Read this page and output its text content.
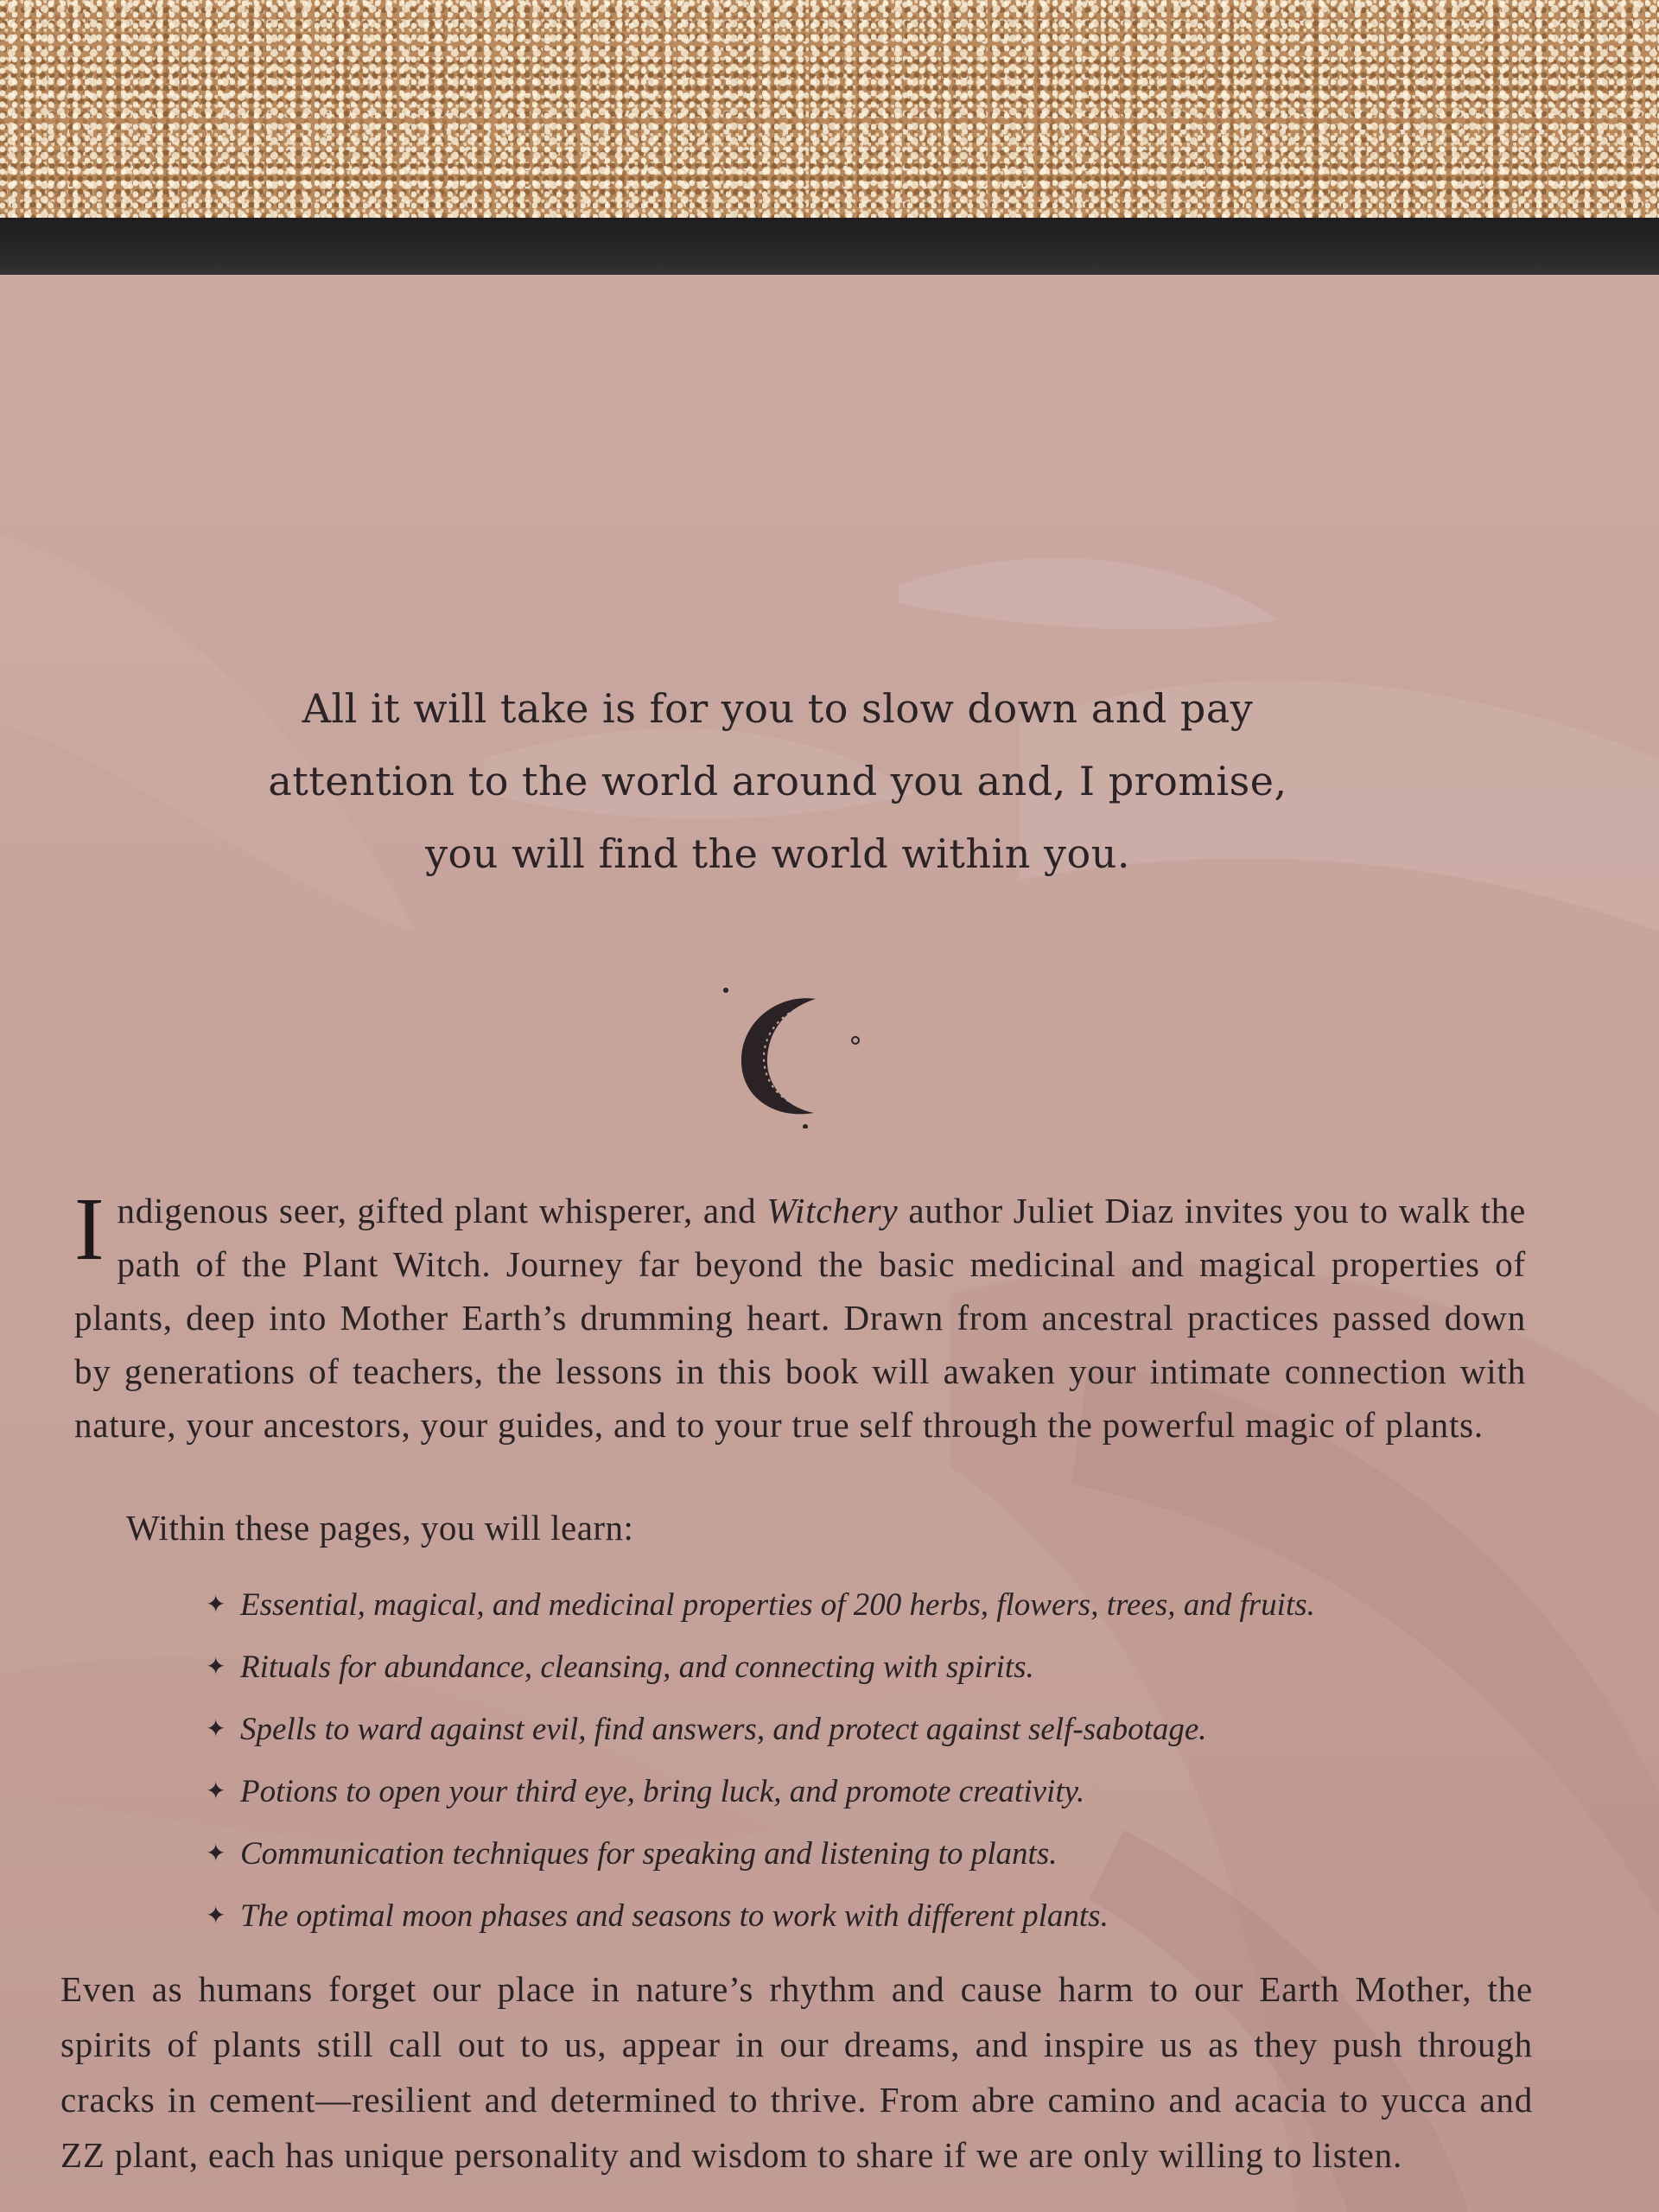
All it will take is for you to slow down and pay
attention to the world around you and, I promise,
you will find the world within you.

Indigenous seer, gifted plant whisperer, and Witchery author Juliet Diaz invites you to walk the path of the Plant Witch. Journey far beyond the basic medicinal and magical properties of plants, deep into Mother Earth’s drumming heart. Drawn from ancestral practices passed down by generations of teachers, the lessons in this book will awaken your intimate connection with nature, your ancestors, your guides, and to your true self through the powerful magic of plants.

Within these pages, you will learn:

✦ Essential, magical, and medicinal properties of 200 herbs, flowers, trees, and fruits.
✦ Rituals for abundance, cleansing, and connecting with spirits.
✦ Spells to ward against evil, find answers, and protect against self-sabotage.
✦ Potions to open your third eye, bring luck, and promote creativity.
✦ Communication techniques for speaking and listening to plants.
✦ The optimal moon phases and seasons to work with different plants.

Even as humans forget our place in nature’s rhythm and cause harm to our Earth Mother, the spirits of plants still call out to us, appear in our dreams, and inspire us as they push through cracks in cement—resilient and determined to thrive. From abre camino and acacia to yucca and ZZ plant, each has unique personality and wisdom to share if we are only willing to listen.
